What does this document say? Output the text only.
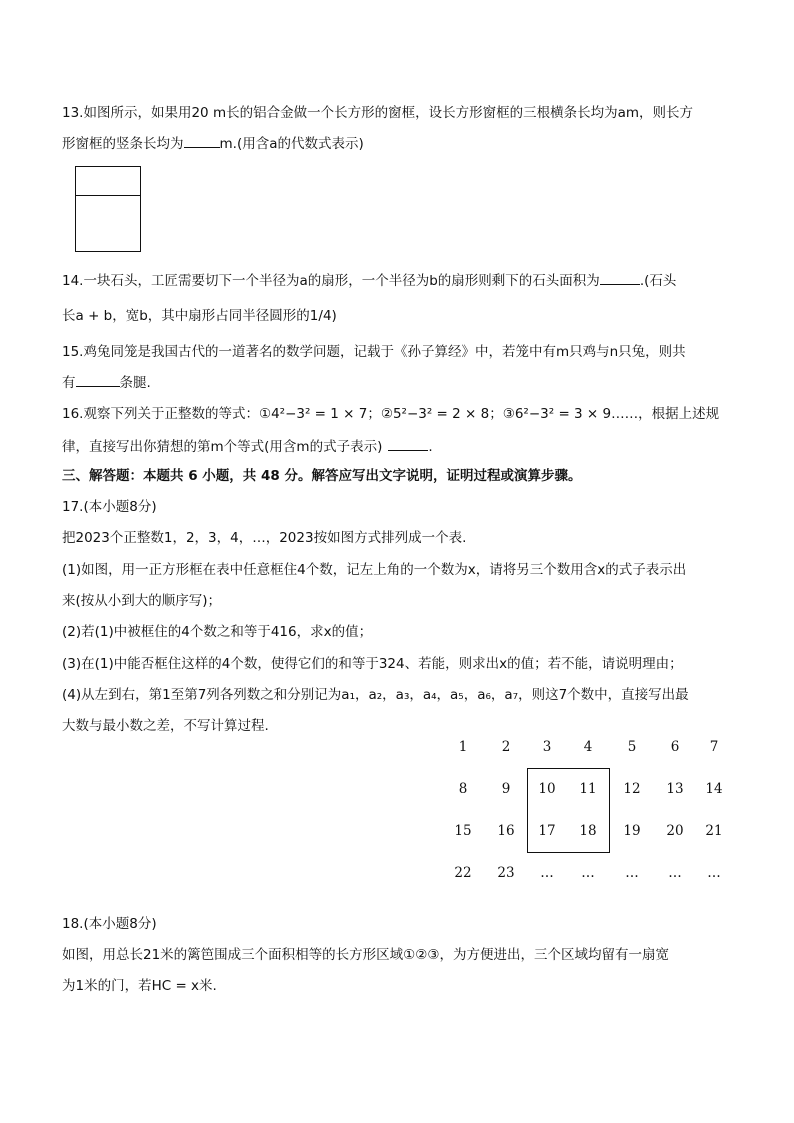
13.如图所示，如果用20 m长的铝合金做一个长方形的窗框，设长方形窗框的三根横条长均为am，则长方
形窗框的竖条长均为	m.(用含a的代数式表示)
14.一块石头，工匠需要切下一个半径为a的扇形，一个半径为b的扇形则剩下的石头面积为	.(石头
长a + b，宽b，其中扇形占同半径圆形的1/4)
15.鸡兔同笼是我国古代的一道著名的数学问题，记载于《孙子算经》中，若笼中有m只鸡与n只兔，则共
有	条腿.
16.观察下列关于正整数的等式：①4²−3² = 1 × 7；②5²−3² = 2 × 8；③6²−3² = 3 × 9……，根据上述规
律，直接写出你猜想的第m个等式(用含m的式子表示)	.
三、解答题：本题共 6 小题，共 48 分。解答应写出文字说明，证明过程或演算步骤。
17.(本小题8分)
把2023个正整数1，2，3，4，…，2023按如图方式排列成一个表.
(1)如图，用一正方形框在表中任意框住4个数，记左上角的一个数为x，请将另三个数用含x的式子表示出
来(按从小到大的顺序写)；
(2)若(1)中被框住的4个数之和等于416，求x的值；
(3)在(1)中能否框住这样的4个数，使得它们的和等于324、若能，则求出x的值；若不能，请说明理由；
(4)从左到右，第1至第7列各列数之和分别记为a₁，a₂，a₃，a₄，a₅，a₆，a₇，则这7个数中，直接写出最
大数与最小数之差，不写计算过程.
1	2	3	4	5	6	7
8	9	10	11	12	13	14
15	16	17	18	19	20	21
22	23	…	…	…	…	…
18.(本小题8分)
如图，用总长21米的篱笆围成三个面积相等的长方形区域①②③，为方便进出，三个区域均留有一扇宽
为1米的门，若HC = x米.
